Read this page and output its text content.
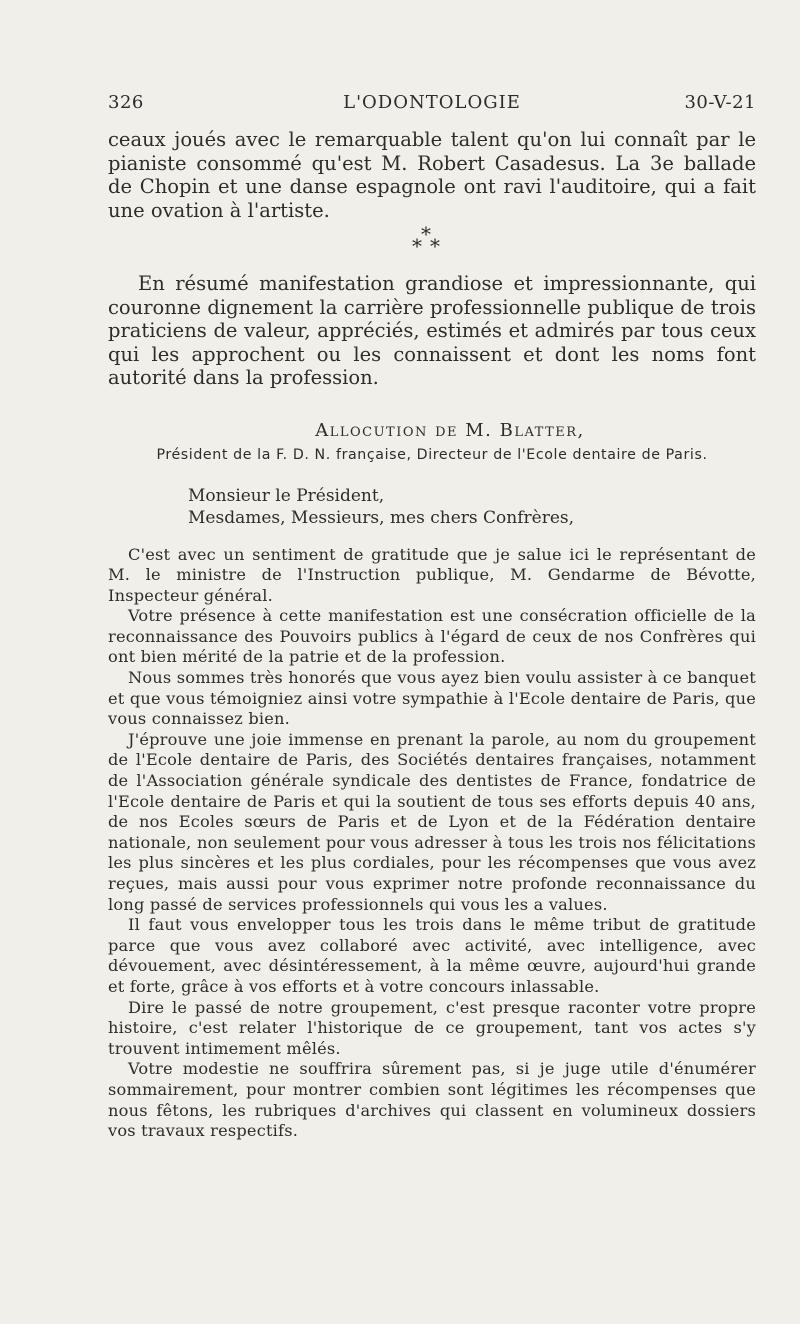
326	L'ODONTOLOGIE	30-V-21

ceaux joués avec le remarquable talent qu'on lui connaît par le pianiste consommé qu'est M. Robert Casadesus. La 3e ballade de Chopin et une danse espagnole ont ravi l'auditoire, qui a fait une ovation à l'artiste.

*
* *

En résumé manifestation grandiose et impressionnante, qui couronne dignement la carrière professionnelle publique de trois praticiens de valeur, appréciés, estimés et admirés par tous ceux qui les approchent ou les connaissent et dont les noms font autorité dans la profession.

Allocution de M. Blatter,

Président de la F. D. N. française, Directeur de l'Ecole dentaire de Paris.

Monsieur le Président,
Mesdames, Messieurs, mes chers Confrères,

C'est avec un sentiment de gratitude que je salue ici le représentant de M. le ministre de l'Instruction publique, M. Gendarme de Bévotte, Inspecteur général.

Votre présence à cette manifestation est une consécration officielle de la reconnaissance des Pouvoirs publics à l'égard de ceux de nos Confrères qui ont bien mérité de la patrie et de la profession.

Nous sommes très honorés que vous ayez bien voulu assister à ce banquet et que vous témoigniez ainsi votre sympathie à l'Ecole dentaire de Paris, que vous connaissez bien.

J'éprouve une joie immense en prenant la parole, au nom du groupement de l'Ecole dentaire de Paris, des Sociétés dentaires françaises, notamment de l'Association générale syndicale des dentistes de France, fondatrice de l'Ecole dentaire de Paris et qui la soutient de tous ses efforts depuis 40 ans, de nos Ecoles sœurs de Paris et de Lyon et de la Fédération dentaire nationale, non seulement pour vous adresser à tous les trois nos félicitations les plus sincères et les plus cordiales, pour les récompenses que vous avez reçues, mais aussi pour vous exprimer notre profonde reconnaissance du long passé de services professionnels qui vous les a values.

Il faut vous envelopper tous les trois dans le même tribut de gratitude parce que vous avez collaboré avec activité, avec intelligence, avec dévouement, avec désintéressement, à la même œuvre, aujourd'hui grande et forte, grâce à vos efforts et à votre concours inlassable.

Dire le passé de notre groupement, c'est presque raconter votre propre histoire, c'est relater l'historique de ce groupement, tant vos actes s'y trouvent intimement mêlés.

Votre modestie ne souffrira sûrement pas, si je juge utile d'énumérer sommairement, pour montrer combien sont légitimes les récompenses que nous fêtons, les rubriques d'archives qui classent en volumineux dossiers vos travaux respectifs.
